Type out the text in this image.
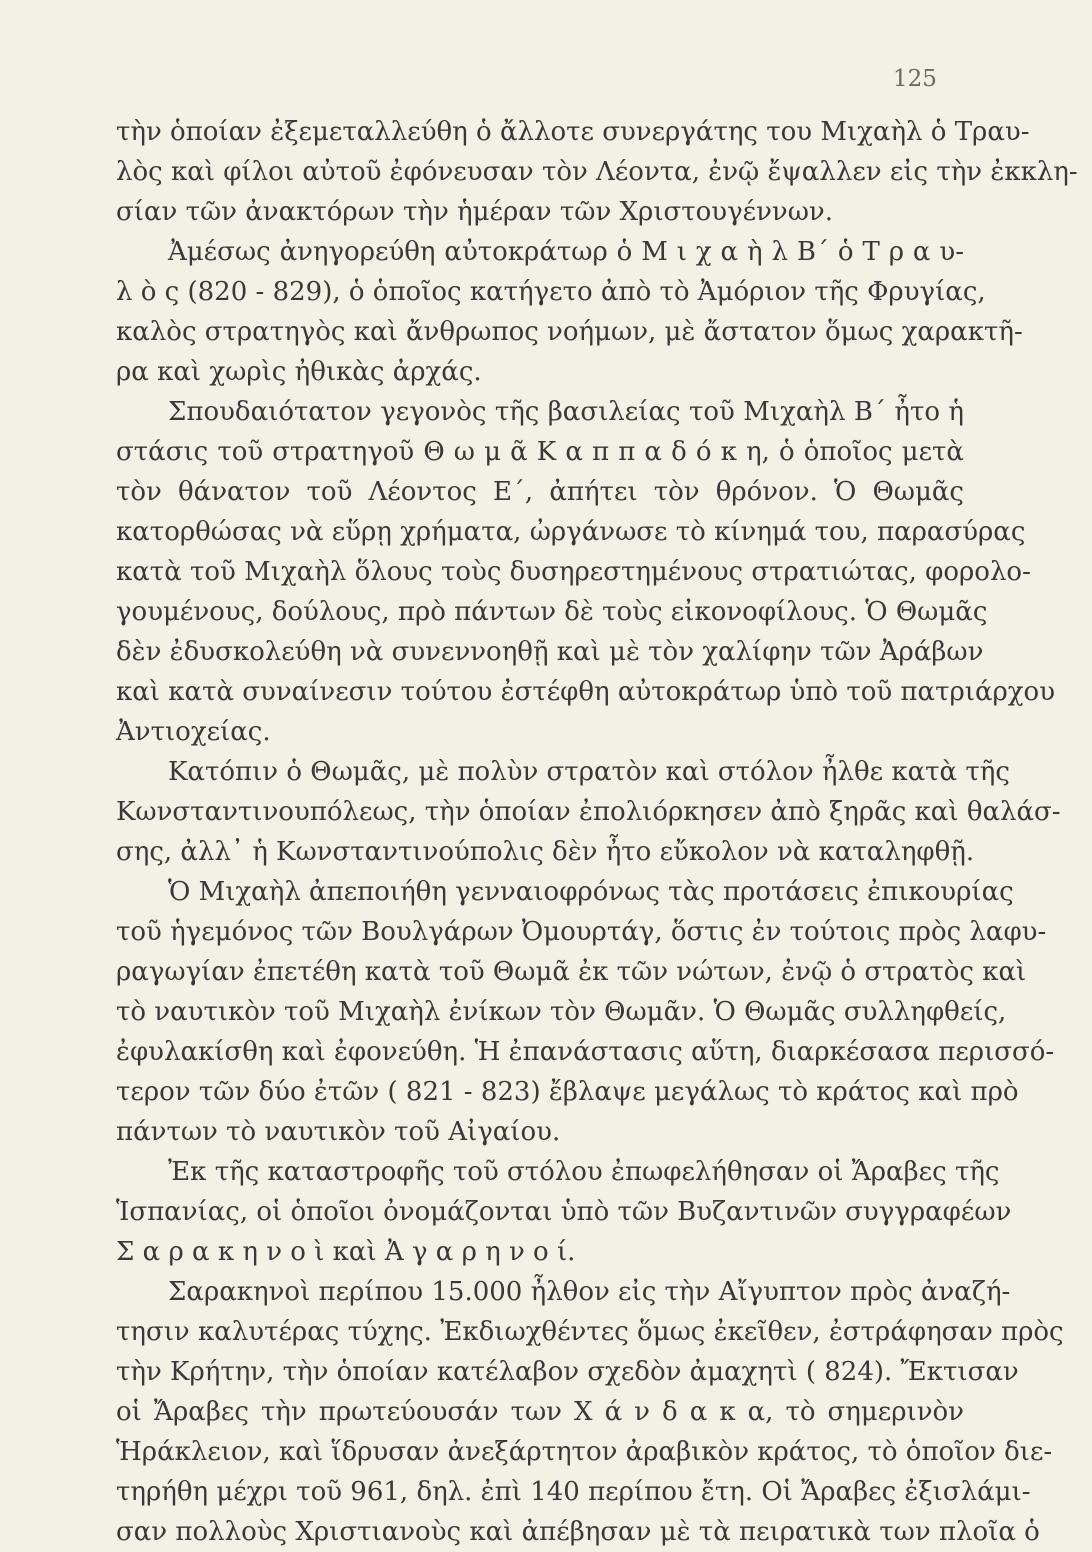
125
τὴν ὁποίαν ἐξεμεταλλεύθη ὁ ἄλλοτε συνεργάτης του Μιχαὴλ ὁ Τραυ-
λὸς καὶ φίλοι αὐτοῦ ἐφόνευσαν τὸν Λέοντα, ἐνῷ ἔψαλλεν εἰς τὴν ἐκκλη-
σίαν τῶν ἀνακτόρων τὴν ἡμέραν τῶν Χριστουγέννων.
Ἀμέσως ἀνηγορεύθη αὐτοκράτωρ ὁ Μ ι χ α ὴ λ Β΄ ὁ Τ ρ α υ-
λ ὸ ς (820 - 829), ὁ ὁποῖος κατήγετο ἀπὸ τὸ Ἀμόριον τῆς Φρυγίας,
καλὸς στρατηγὸς καὶ ἄνθρωπος νοήμων, μὲ ἄστατον ὅμως χαρακτῆ-
ρα καὶ χωρὶς ἠθικὰς ἀρχάς.
Σπουδαιότατον γεγονὸς τῆς βασιλείας τοῦ Μιχαὴλ Β΄ ἦτο ἡ
στάσις τοῦ στρατηγοῦ Θ ω μ ᾶ Κ α π π α δ ό κ η, ὁ ὁποῖος μετὰ
τὸν θάνατον τοῦ Λέοντος Ε΄, ἀπήτει τὸν θρόνον. Ὁ Θωμᾶς
κατορθώσας νὰ εὕρῃ χρήματα, ὠργάνωσε τὸ κίνημά του, παρασύρας
κατὰ τοῦ Μιχαὴλ ὅλους τοὺς δυσηρεστημένους στρατιώτας, φορολο-
γουμένους, δούλους, πρὸ πάντων δὲ τοὺς εἰκονοφίλους. Ὁ Θωμᾶς
δὲν ἐδυσκολεύθη νὰ συνεννοηθῇ καὶ μὲ τὸν χαλίφην τῶν Ἀράβων
καὶ κατὰ συναίνεσιν τούτου ἐστέφθη αὐτοκράτωρ ὑπὸ τοῦ πατριάρχου
Ἀντιοχείας.
Κατόπιν ὁ Θωμᾶς, μὲ πολὺν στρατὸν καὶ στόλον ἦλθε κατὰ τῆς
Κωνσταντινουπόλεως, τὴν ὁποίαν ἐπολιόρκησεν ἀπὸ ξηρᾶς καὶ θαλάσ-
σης, ἀλλ᾽ ἡ Κωνσταντινούπολις δὲν ἦτο εὔκολον νὰ καταληφθῇ.
Ὁ Μιχαὴλ ἀπεποιήθη γενναιοφρόνως τὰς προτάσεις ἐπικουρίας
τοῦ ἡγεμόνος τῶν Βουλγάρων Ὀμουρτάγ, ὅστις ἐν τούτοις πρὸς λαφυ-
ραγωγίαν ἐπετέθη κατὰ τοῦ Θωμᾶ ἐκ τῶν νώτων, ἐνῷ ὁ στρατὸς καὶ
τὸ ναυτικὸν τοῦ Μιχαὴλ ἐνίκων τὸν Θωμᾶν. Ὁ Θωμᾶς συλληφθείς,
ἐφυλακίσθη καὶ ἐφονεύθη. Ἡ ἐπανάστασις αὕτη, διαρκέσασα περισσό-
τερον τῶν δύο ἐτῶν ( 821 - 823) ἔβλαψε μεγάλως τὸ κράτος καὶ πρὸ
πάντων τὸ ναυτικὸν τοῦ Αἰγαίου.
Ἐκ τῆς καταστροφῆς τοῦ στόλου ἐπωφελήθησαν οἱ Ἄραβες τῆς
Ἱσπανίας, οἱ ὁποῖοι ὀνομάζονται ὑπὸ τῶν Βυζαντινῶν συγγραφέων
Σ α ρ α κ η ν ο ὶ καὶ Ἀ γ α ρ η ν ο ί.
Σαρακηνοὶ περίπου 15.000 ἦλθον εἰς τὴν Αἴγυπτον πρὸς ἀναζή-
τησιν καλυτέρας τύχης. Ἐκδιωχθέντες ὅμως ἐκεῖθεν, ἐστράφησαν πρὸς
τὴν Κρήτην, τὴν ὁποίαν κατέλαβον σχεδὸν ἀμαχητὶ ( 824). Ἔκτισαν
οἱ Ἄραβες τὴν πρωτεύουσάν των Χ ά ν δ α κ α, τὸ σημερινὸν
Ἡράκλειον, καὶ ἵδρυσαν ἀνεξάρτητον ἀραβικὸν κράτος, τὸ ὁποῖον διε-
τηρήθη μέχρι τοῦ 961, δηλ. ἐπὶ 140 περίπου ἔτη. Οἱ Ἄραβες ἐξισλάμι-
σαν πολλοὺς Χριστιανοὺς καὶ ἀπέβησαν μὲ τὰ πειρατικὰ των πλοῖα ὁ
